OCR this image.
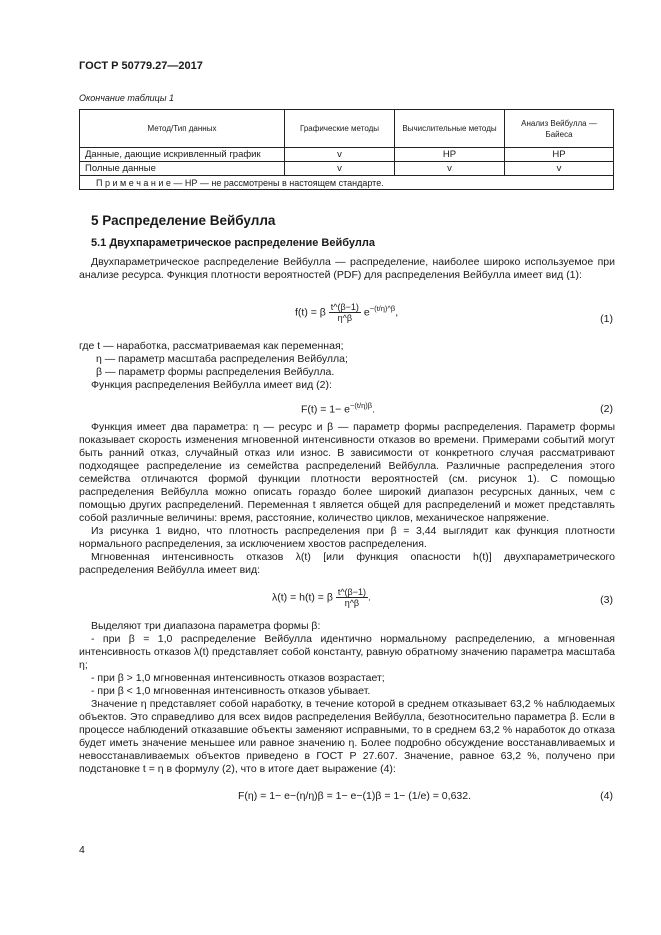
ГОСТ Р 50779.27—2017
Окончание таблицы 1
Метод/Тип данных	Графические методы	Вычислительные методы	Анализ Вейбулла — Байеса
Данные, дающие искривленный график	v	НР	НР
Полные данные	v	v	v
П р и м е ч а н и е — НР — не рассмотрены в настоящем стандарте.			
5 Распределение Вейбулла
5.1 Двухпараметрическое распределение Вейбулла

Двухпараметрическое распределение Вейбулла — распределение, наиболее широко используемое при анализе ресурса. Функция плотности вероятностей (PDF) для распределения Вейбулла имеет вид (1):

f(t) = β $\frac{t\^{}(\beta-1)}{\eta\^{}\beta} e^{-(t/\eta)\^{}\beta}$,
(1)
где t — наработка, рассматриваемая как переменная;
η — параметр масштаба распределения Вейбулла;
β — параметр формы распределения Вейбулла.
Функция распределения Вейбулла имеет вид (2):
$F(t) = 1- e^{-(t/\eta)\beta}$.	(2)

Функция имеет два параметра: η — ресурс и β — параметр формы распределения. Параметр формы показывает скорость изменения мгновенной интенсивности отказов во времени. Примерами событий могут быть ранний отказ, случайный отказ или износ. В зависимости от конкретного случая рассматривают подходящее распределение из семейства распределений Вейбулла. Различные распределения этого семейства отличаются формой функции плотности вероятностей (см. рисунок 1). С помощью распределения Вейбулла можно описать гораздо более широкий диапазон ресурсных данных, чем с помощью других распределений. Переменная t является общей для распределений и может представлять собой различные величины: время, расстояние, количество циклов, механическое напряжение.

Из рисунка 1 видно, что плотность распределения при β = 3,44 выглядит как функция плотности нормального распределения, за исключением хвостов распределения.

Мгновенная интенсивность отказов λ(t) [или функция опасности h(t)] двухпараметрического распределения Вейбулла имеет вид:

λ(t) = h(t) = β $\frac{t\^{}(\beta-1)}{\eta\^{}\beta}$ .	(3)

Выделяют три диапазона параметра формы β:

- при β = 1,0 распределение Вейбулла идентично нормальному распределению, а мгновенная интенсивность отказов λ(t) представляет собой константу, равную обратному значению параметра масштаба η;

- при β > 1,0 мгновенная интенсивность отказов возрастает;

- при β < 1,0 мгновенная интенсивность отказов убывает.

Значение η представляет собой наработку, в течение которой в среднем отказывает 63,2 % наблюдаемых объектов. Это справедливо для всех видов распределения Вейбулла, безотносительно параметра β. Если в процессе наблюдений отказавшие объекты заменяют исправными, то в среднем 63,2 % наработок до отказа будет иметь значение меньшее или равное значению η. Более подробно обсуждение восстанавливаемых и невосстанавливаемых объектов приведено в ГОСТ Р 27.607. Значение, равное 63,2 %, получено при подстановке t = η в формулу (2), что в итоге дает выражение (4):

F(η) = 1− e−(η/η)β = 1− e−(1)β = 1− (1/e) = 0,632.	(4)
4
